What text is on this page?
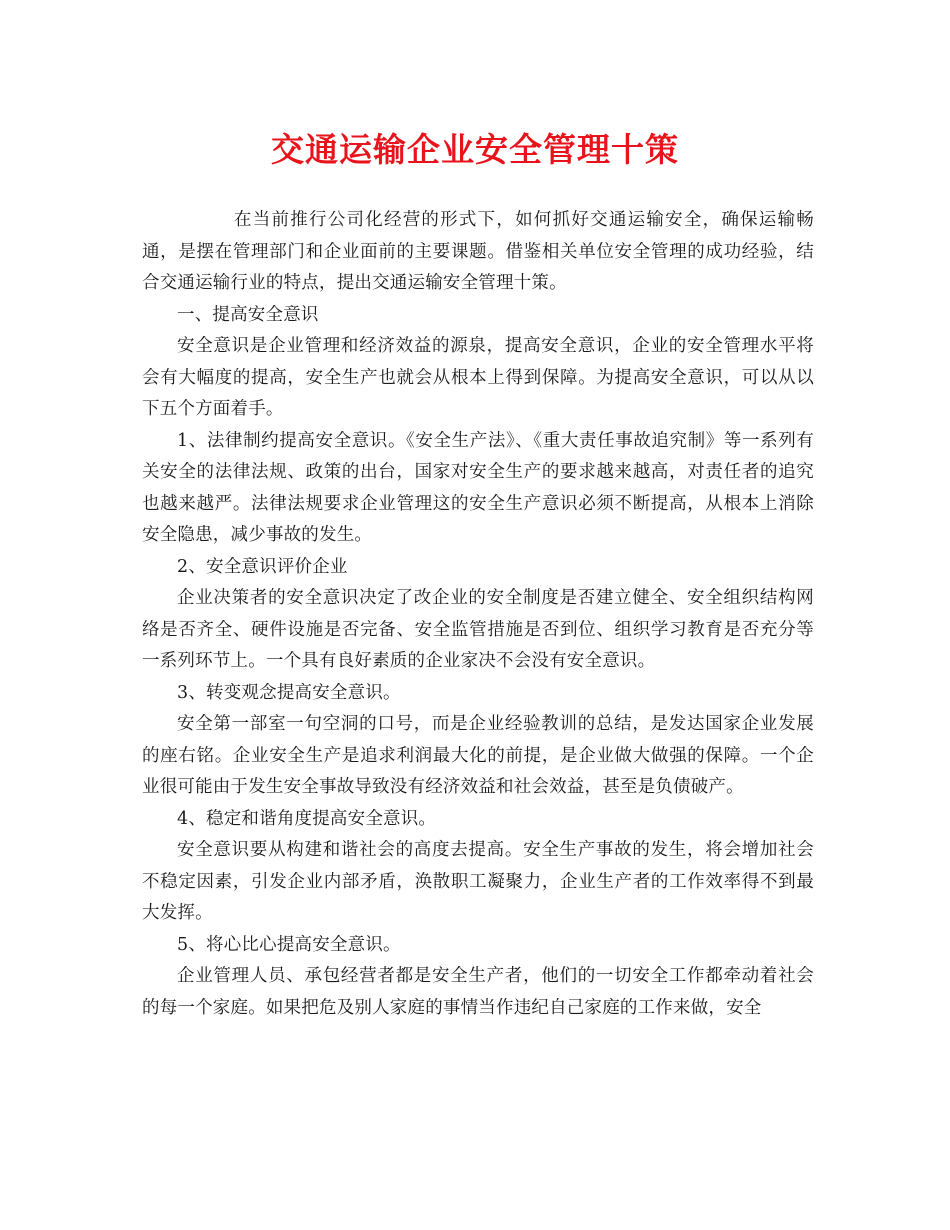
交通运输企业安全管理十策

在当前推行公司化经营的形式下，如何抓好交通运输安全，确保运输畅通，是摆在管理部门和企业面前的主要课题。借鉴相关单位安全管理的成功经验，结合交通运输行业的特点，提出交通运输安全管理十策。

一、提高安全意识

安全意识是企业管理和经济效益的源泉，提高安全意识，企业的安全管理水平将会有大幅度的提高，安全生产也就会从根本上得到保障。为提高安全意识，可以从以下五个方面着手。

1、法律制约提高安全意识。《安全生产法》、《重大责任事故追究制》等一系列有关安全的法律法规、政策的出台，国家对安全生产的要求越来越高，对责任者的追究也越来越严。法律法规要求企业管理这的安全生产意识必须不断提高，从根本上消除安全隐患，减少事故的发生。

2、安全意识评价企业

企业决策者的安全意识决定了改企业的安全制度是否建立健全、安全组织结构网络是否齐全、硬件设施是否完备、安全监管措施是否到位、组织学习教育是否充分等一系列环节上。一个具有良好素质的企业家决不会没有安全意识。

3、转变观念提高安全意识。

安全第一部室一句空洞的口号，而是企业经验教训的总结，是发达国家企业发展的座右铭。企业安全生产是追求利润最大化的前提，是企业做大做强的保障。一个企业很可能由于发生安全事故导致没有经济效益和社会效益，甚至是负债破产。

4、稳定和谐角度提高安全意识。

安全意识要从构建和谐社会的高度去提高。安全生产事故的发生，将会增加社会不稳定因素，引发企业内部矛盾，涣散职工凝聚力，企业生产者的工作效率得不到最大发挥。

5、将心比心提高安全意识。

企业管理人员、承包经营者都是安全生产者，他们的一切安全工作都牵动着社会的每一个家庭。如果把危及别人家庭的事情当作违纪自己家庭的工作来做，安全
